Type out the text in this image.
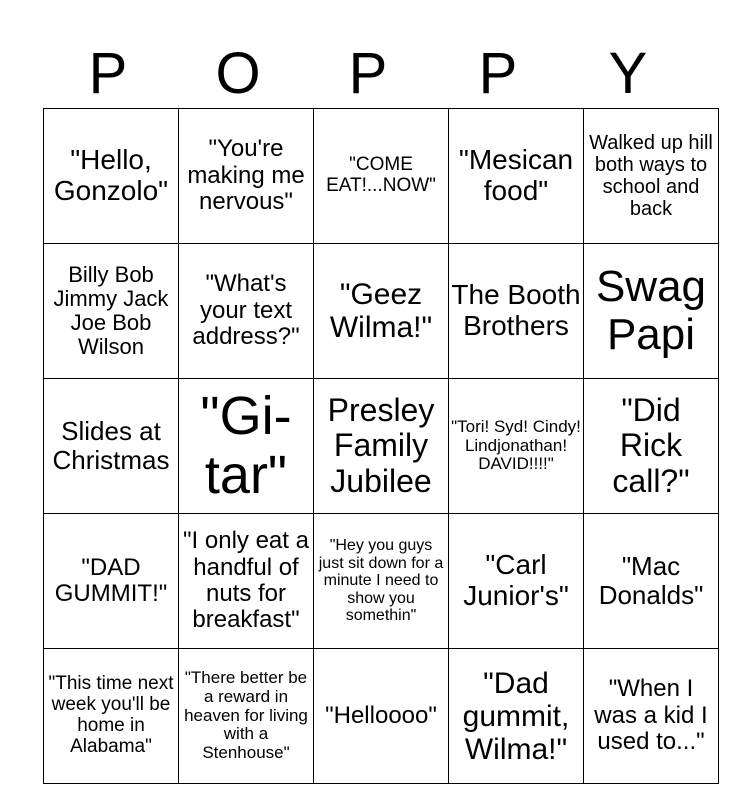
P	O	P	P	Y
"Hello, Gonzolo"	"You're making me nervous"	"COME EAT!...NOW"	"Mesican food"	Walked up hill both ways to school and back
Billy Bob Jimmy Jack Joe Bob Wilson	"What's your text address?"	"Geez Wilma!"	The Booth Brothers	Swag Papi
Slides at Christmas	"Gi-tar"	Presley Family Jubilee	"Tori! Syd! Cindy! Lindjonathan! DAVID!!!!"	"Did Rick call?"
"DAD GUMMIT!"	"I only eat a handful of nuts for breakfast"	"Hey you guys just sit down for a minute I need to show you somethin"	"Carl Junior's"	"Mac Donalds"
"This time next week you'll be home in Alabama"	"There better be a reward in heaven for living with a Stenhouse"	"Helloooo"	"Dad gummit, Wilma!"	"When I was a kid I used to..."
